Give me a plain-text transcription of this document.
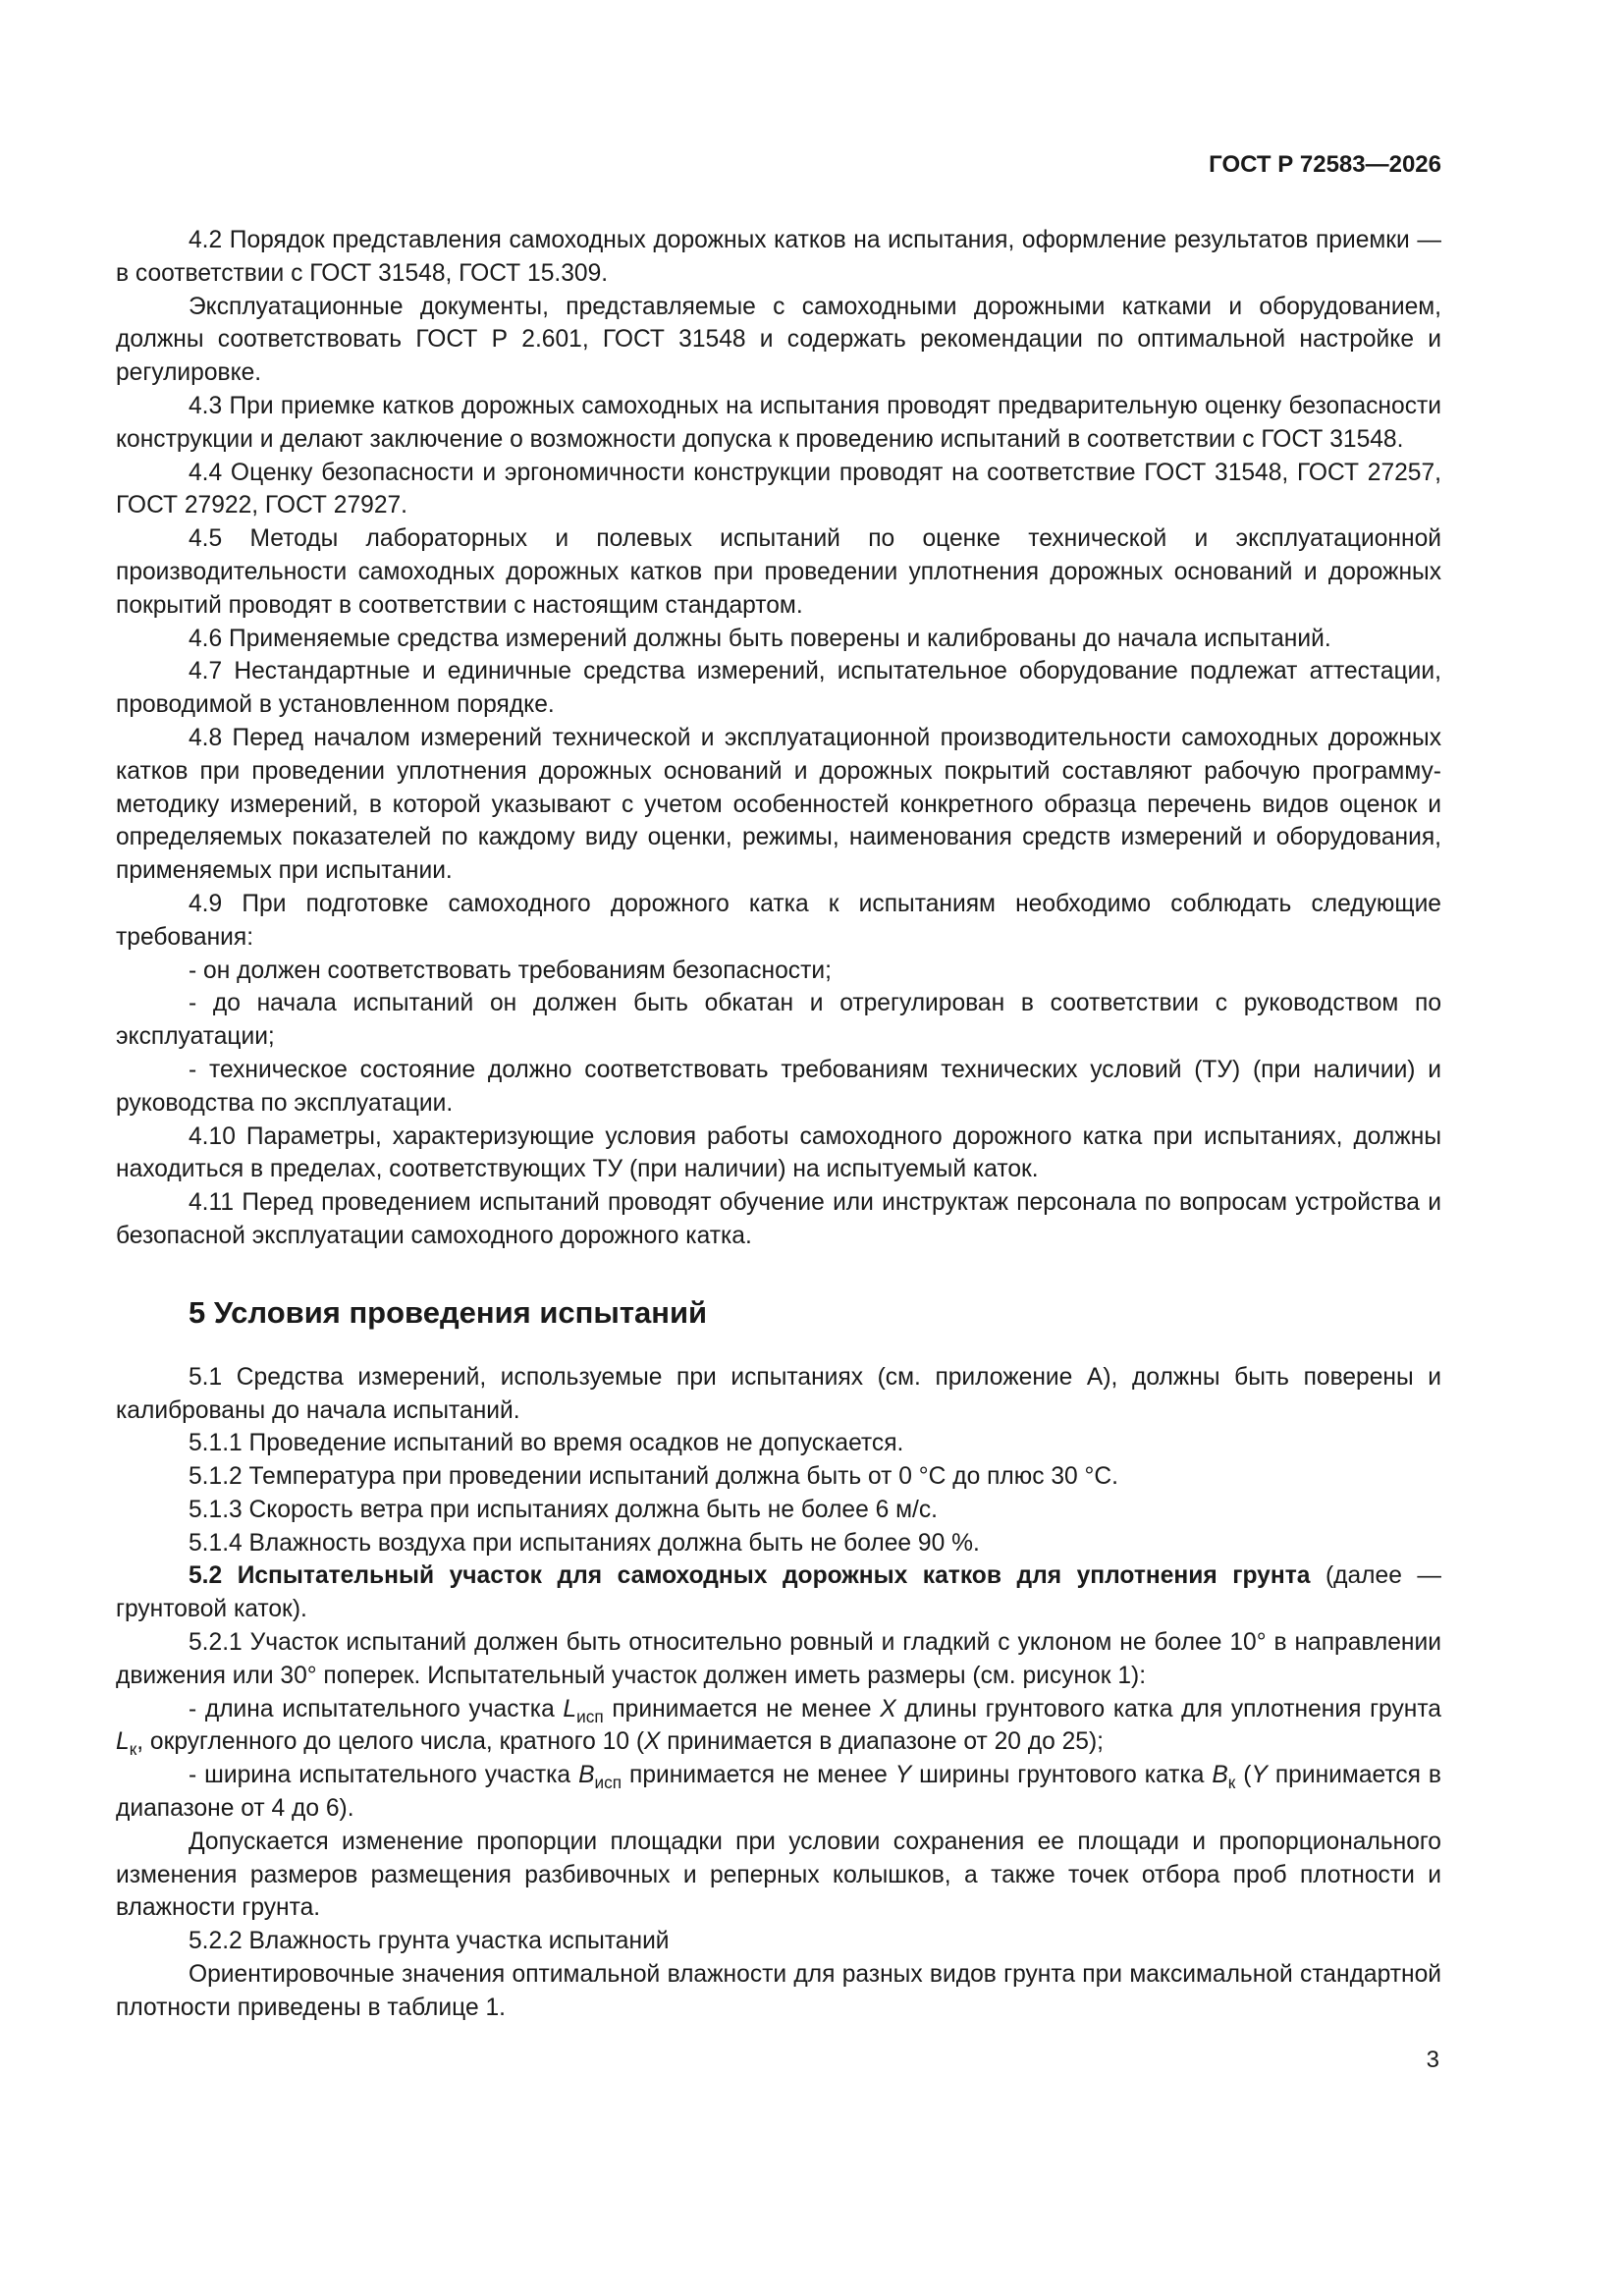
ГОСТ Р 72583—2026

4.2 Порядок представления самоходных дорожных катков на испытания, оформление результатов приемки — в соответствии с ГОСТ 31548, ГОСТ 15.309.

Эксплуатационные документы, представляемые с самоходными дорожными катками и оборудованием, должны соответствовать ГОСТ Р 2.601, ГОСТ 31548 и содержать рекомендации по оптимальной настройке и регулировке.

4.3 При приемке катков дорожных самоходных на испытания проводят предварительную оценку безопасности конструкции и делают заключение о возможности допуска к проведению испытаний в соответствии с ГОСТ 31548.

4.4 Оценку безопасности и эргономичности конструкции проводят на соответствие ГОСТ 31548, ГОСТ 27257, ГОСТ 27922, ГОСТ 27927.

4.5 Методы лабораторных и полевых испытаний по оценке технической и эксплуатационной производительности самоходных дорожных катков при проведении уплотнения дорожных оснований и дорожных покрытий проводят в соответствии с настоящим стандартом.

4.6 Применяемые средства измерений должны быть поверены и калиброваны до начала испытаний.

4.7 Нестандартные и единичные средства измерений, испытательное оборудование подлежат аттестации, проводимой в установленном порядке.

4.8 Перед началом измерений технической и эксплуатационной производительности самоходных дорожных катков при проведении уплотнения дорожных оснований и дорожных покрытий составляют рабочую программу-методику измерений, в которой указывают с учетом особенностей конкретного образца перечень видов оценок и определяемых показателей по каждому виду оценки, режимы, наименования средств измерений и оборудования, применяемых при испытании.

4.9 При подготовке самоходного дорожного катка к испытаниям необходимо соблюдать следующие требования:

- он должен соответствовать требованиям безопасности;

- до начала испытаний он должен быть обкатан и отрегулирован в соответствии с руководством по эксплуатации;

- техническое состояние должно соответствовать требованиям технических условий (ТУ) (при наличии) и руководства по эксплуатации.

4.10 Параметры, характеризующие условия работы самоходного дорожного катка при испытаниях, должны находиться в пределах, соответствующих ТУ (при наличии) на испытуемый каток.

4.11 Перед проведением испытаний проводят обучение или инструктаж персонала по вопросам устройства и безопасной эксплуатации самоходного дорожного катка.

5 Условия проведения испытаний

5.1 Средства измерений, используемые при испытаниях (см. приложение А), должны быть поверены и калиброваны до начала испытаний.

5.1.1 Проведение испытаний во время осадков не допускается.

5.1.2 Температура при проведении испытаний должна быть от 0 °С до плюс 30 °С.

5.1.3 Скорость ветра при испытаниях должна быть не более 6 м/с.

5.1.4 Влажность воздуха при испытаниях должна быть не более 90 %.

5.2 Испытательный участок для самоходных дорожных катков для уплотнения грунта (далее — грунтовой каток).

5.2.1 Участок испытаний должен быть относительно ровный и гладкий с уклоном не более 10° в направлении движения или 30° поперек. Испытательный участок должен иметь размеры (см. рисунок 1):

- длина испытательного участка $L_{исп}$ принимается не менее X длины грунтового катка для уплотнения грунта $L_к$, округленного до целого числа, кратного 10 (X принимается в диапазоне от 20 до 25);

- ширина испытательного участка $B_{исп}$ принимается не менее Y ширины грунтового катка $B_к$ (Y принимается в диапазоне от 4 до 6).

Допускается изменение пропорции площадки при условии сохранения ее площади и пропорционального изменения размеров размещения разбивочных и реперных колышков, а также точек отбора проб плотности и влажности грунта.

5.2.2 Влажность грунта участка испытаний

Ориентировочные значения оптимальной влажности для разных видов грунта при максимальной стандартной плотности приведены в таблице 1.

3
